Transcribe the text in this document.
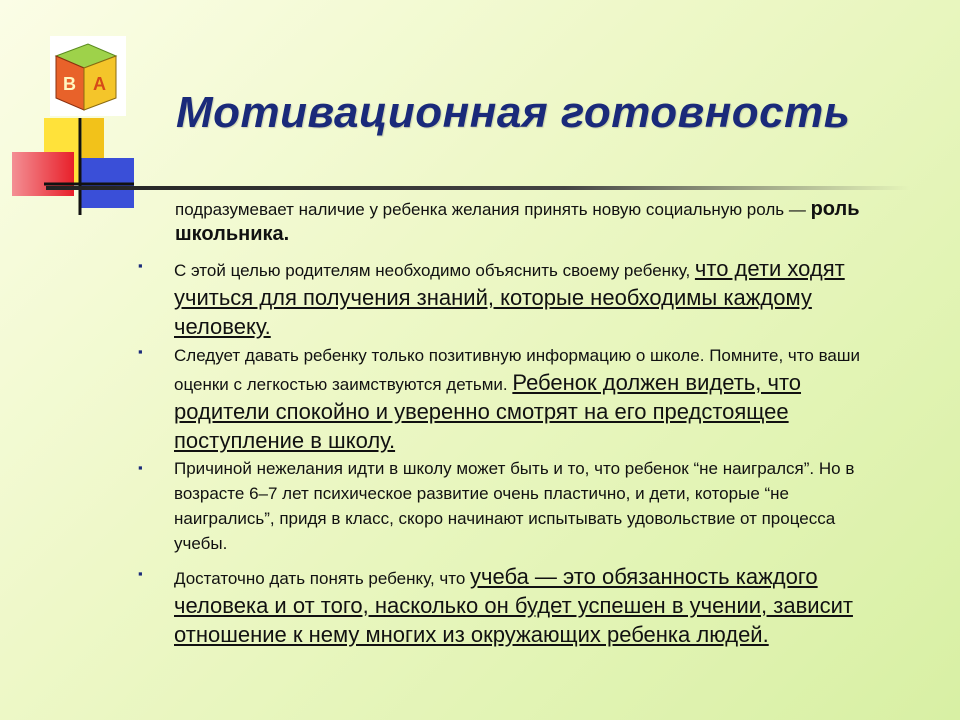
B A
Мотивационная готовность
подразумевает наличие у ребенка желания принять новую социальную роль — роль школьника.
▪ С этой целью родителям необходимо объяснить своему ребенку, что дети ходят учиться для получения знаний, которые необходимы каждому человеку.
▪ Следует давать ребенку только позитивную информацию о школе. Помните, что ваши оценки с легкостью заимствуются детьми. Ребенок должен видеть, что родители спокойно и уверенно смотрят на его предстоящее поступление в школу.
▪ Причиной нежелания идти в школу может быть и то, что ребенок “не наигрался”. Но в возрасте 6–7 лет психическое развитие очень пластично, и дети, которые “не наигрались”, придя в класс, скоро начинают испытывать удовольствие от процесса учебы.
▪ Достаточно дать понять ребенку, что учеба — это обязанность каждого человека и от того, насколько он будет успешен в учении, зависит отношение к нему многих из окружающих ребенка людей.
